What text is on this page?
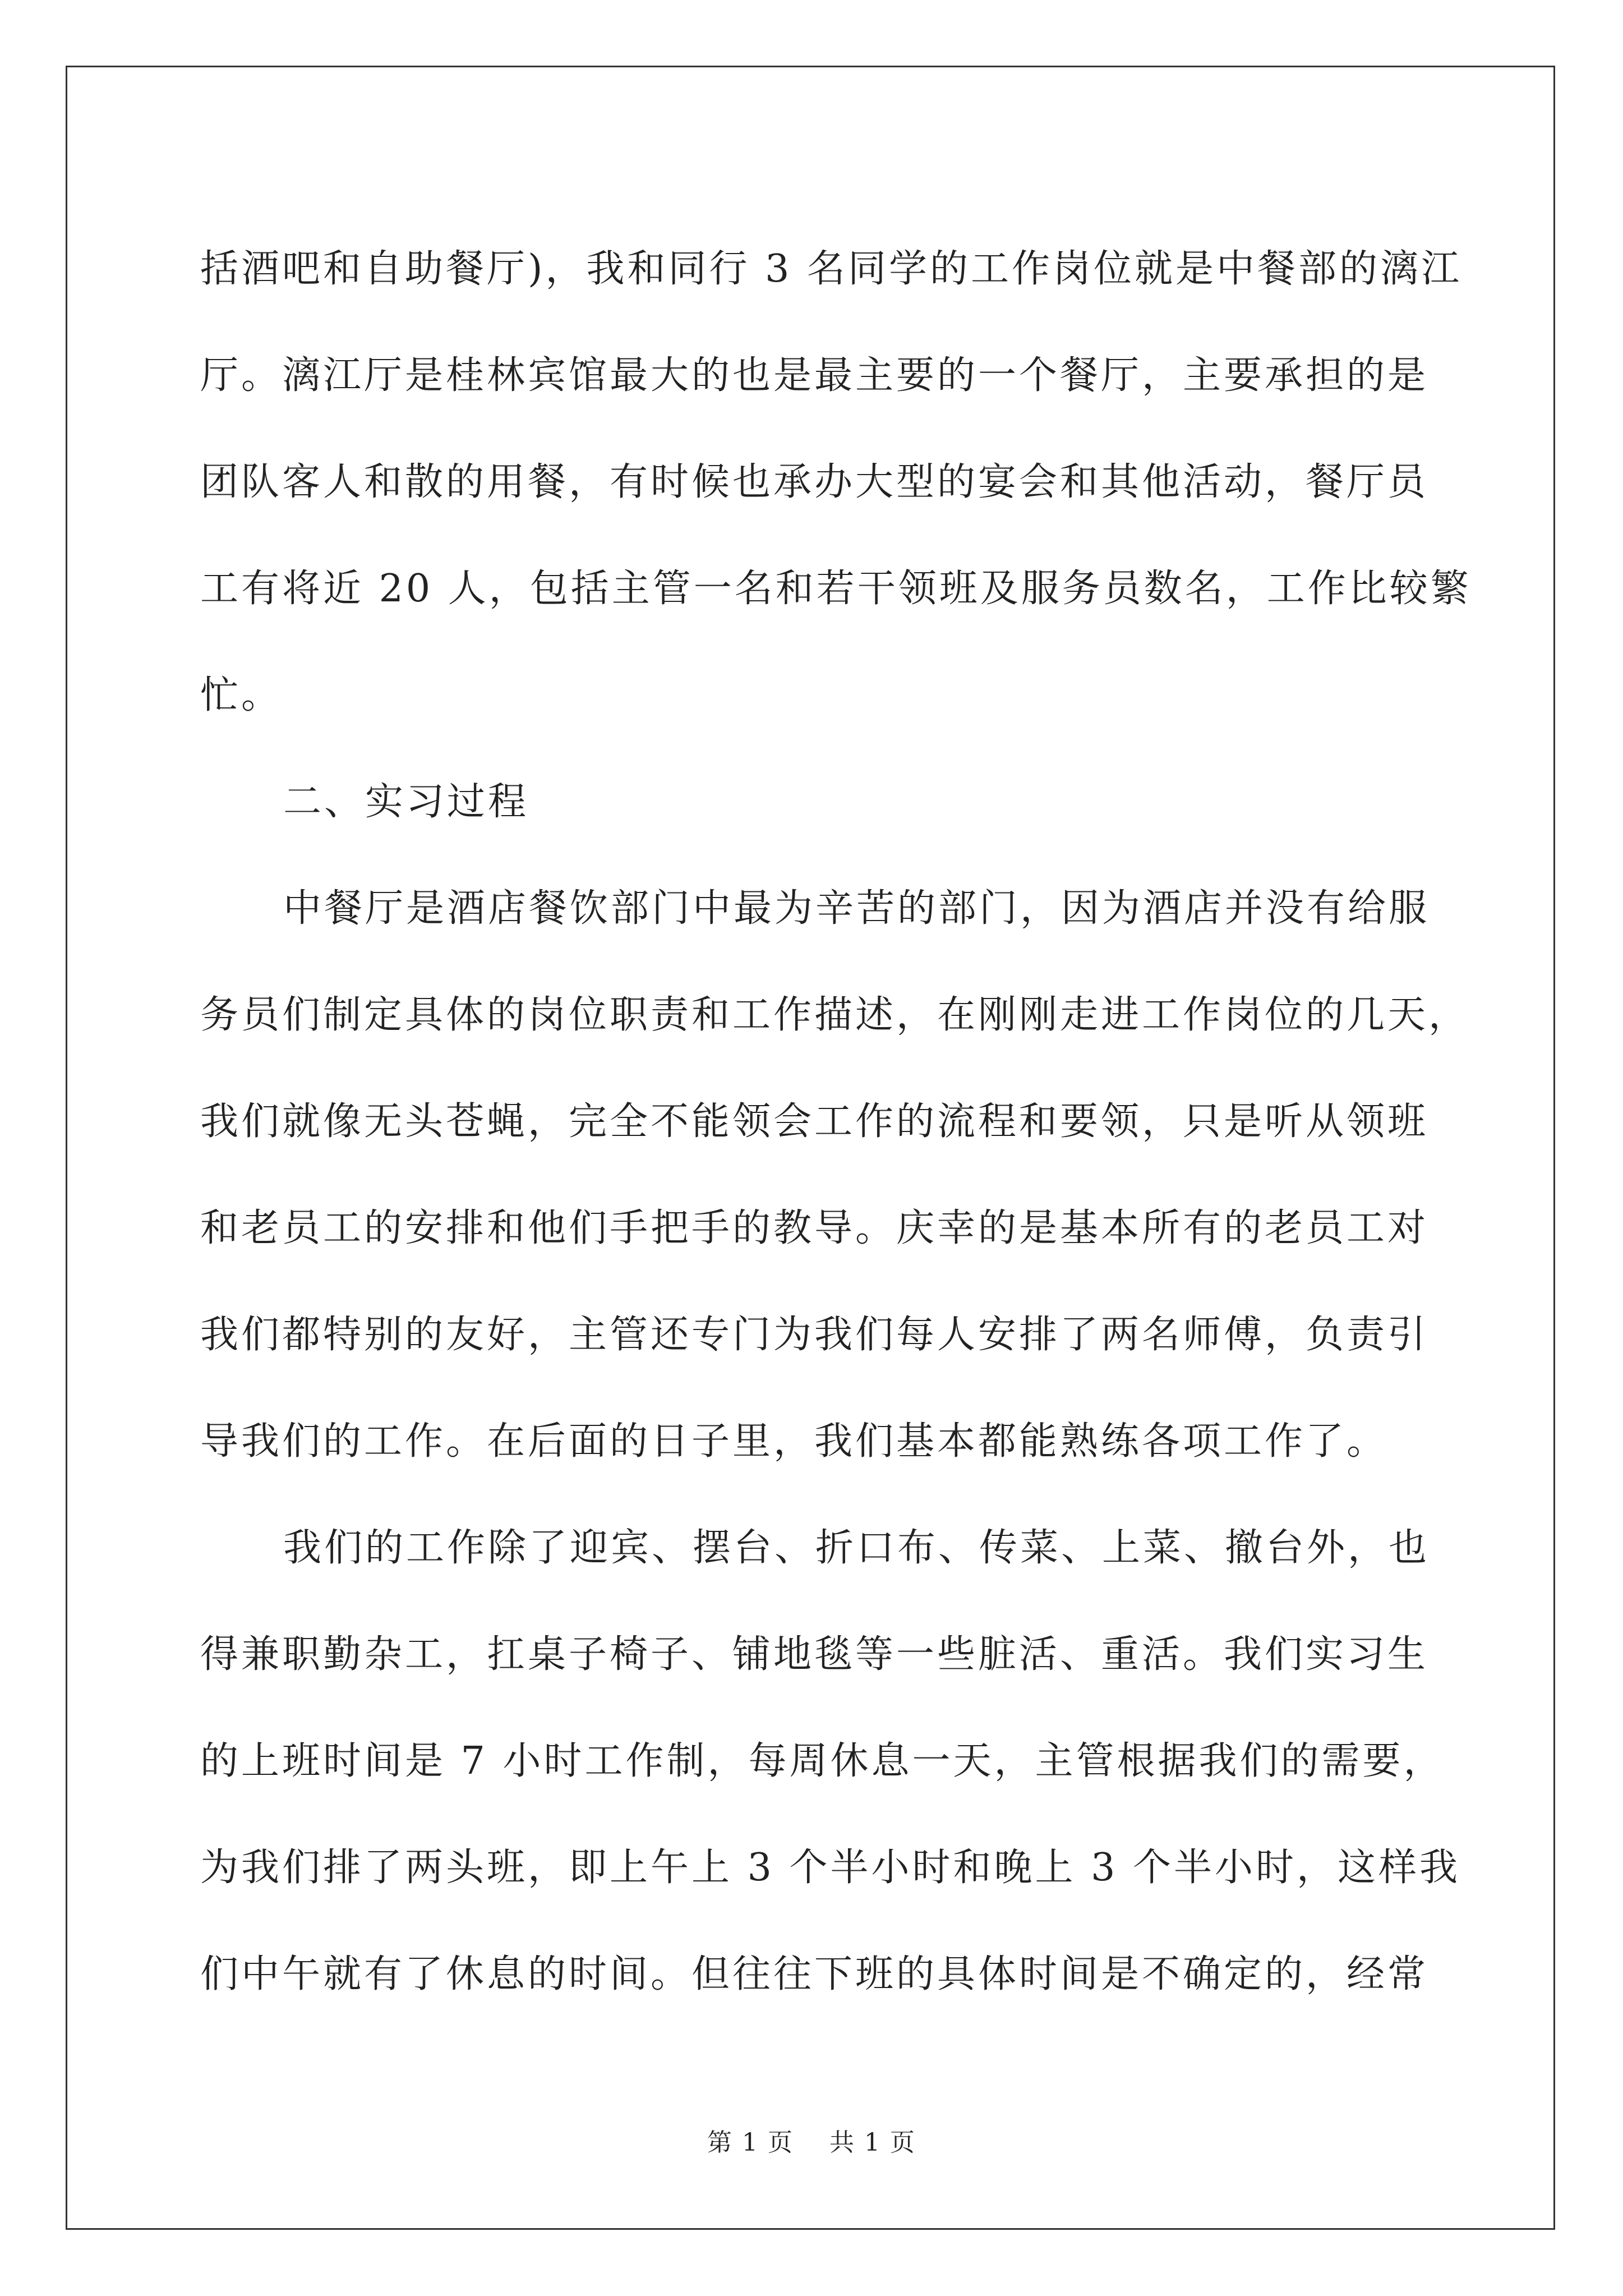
括酒吧和自助餐厅)，我和同行 3 名同学的工作岗位就是中餐部的漓江
厅。漓江厅是桂林宾馆最大的也是最主要的一个餐厅，主要承担的是
团队客人和散的用餐，有时候也承办大型的宴会和其他活动，餐厅员
工有将近 20 人，包括主管一名和若干领班及服务员数名，工作比较繁
忙。
二、实习过程
中餐厅是酒店餐饮部门中最为辛苦的部门，因为酒店并没有给服
务员们制定具体的岗位职责和工作描述，在刚刚走进工作岗位的几天，
我们就像无头苍蝇，完全不能领会工作的流程和要领，只是听从领班
和老员工的安排和他们手把手的教导。庆幸的是基本所有的老员工对
我们都特别的友好，主管还专门为我们每人安排了两名师傅，负责引
导我们的工作。在后面的日子里，我们基本都能熟练各项工作了。
我们的工作除了迎宾、摆台、折口布、传菜、上菜、撤台外，也
得兼职勤杂工，扛桌子椅子、铺地毯等一些脏活、重活。我们实习生
的上班时间是 7 小时工作制，每周休息一天，主管根据我们的需要，
为我们排了两头班，即上午上 3 个半小时和晚上 3 个半小时，这样我
们中午就有了休息的时间。但往往下班的具体时间是不确定的，经常
第 1 页 共 1 页
